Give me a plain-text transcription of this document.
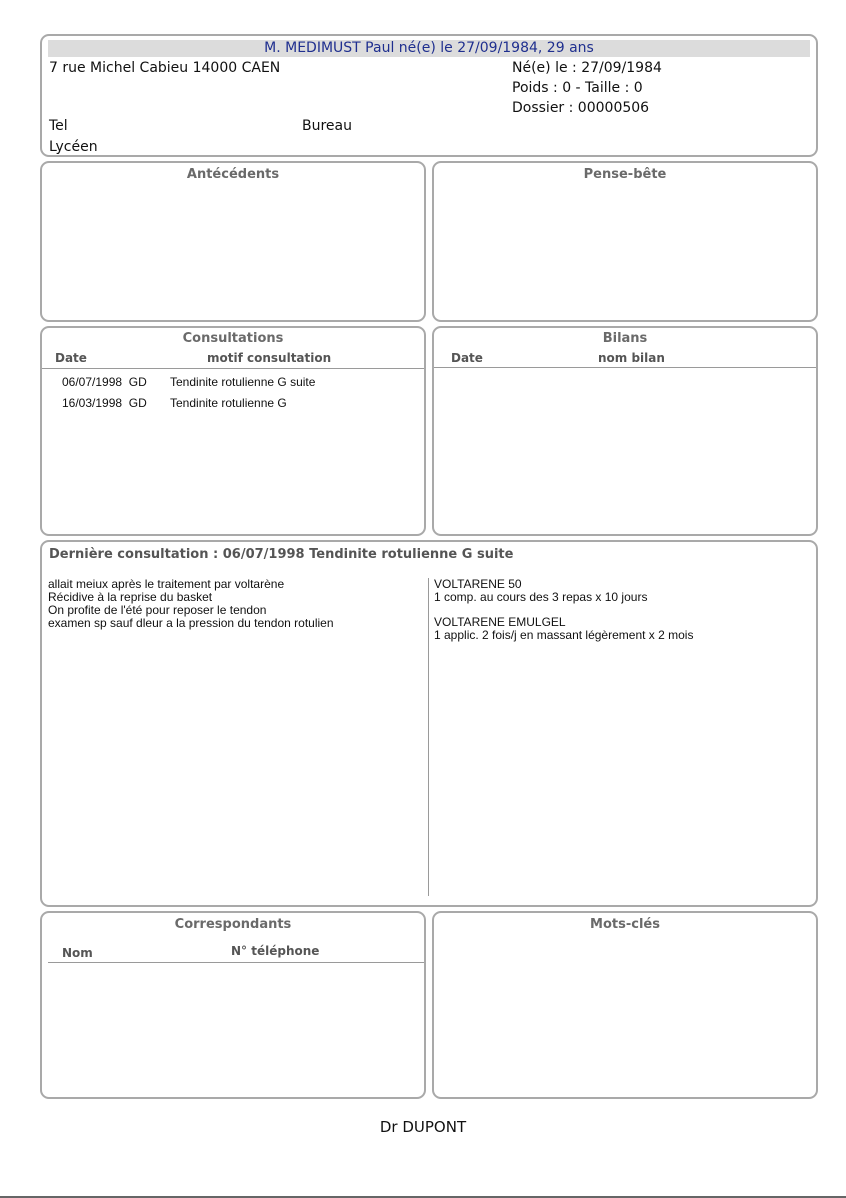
M. MEDIMUST Paul né(e) le 27/09/1984, 29 ans
7 rue Michel Cabieu 14000 CAEN	Né(e) le : 27/09/1984
Poids : 0 - Taille : 0
Dossier : 00000506
Tel	Bureau
Lycéen
Antécédents	Pense-bête
Consultations
Date	motif consultation
06/07/1998 GD Tendinite rotulienne G suite
16/03/1998 GD Tendinite rotulienne G
Bilans
Date	nom bilan
Dernière consultation : 06/07/1998 Tendinite rotulienne G suite
allait meiux après le traitement par voltarène
Récidive à la reprise du basket
On profite de l'été pour reposer le tendon
examen sp sauf dleur a la pression du tendon rotulien
VOLTARENE 50
1 comp. au cours des 3 repas x 10 jours
VOLTARENE EMULGEL
1 applic. 2 fois/j en massant légèrement x 2 mois
Correspondants
Nom	N° téléphone
Mots-clés
Dr DUPONT
